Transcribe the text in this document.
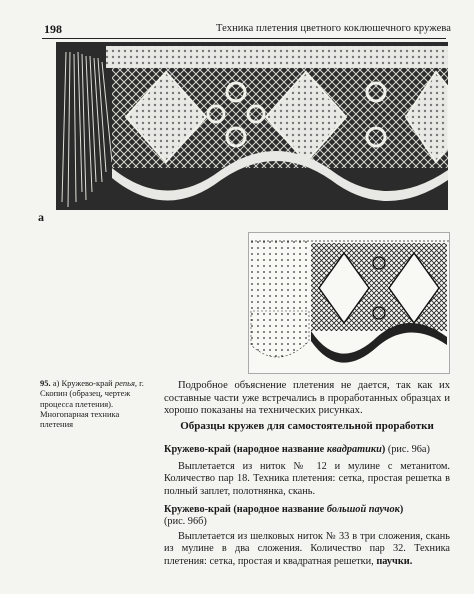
198	Техника плетения цветного коклюшечного кружева
а
95. а) Кружево-край репья, г. Скопин (образец, чертеж процесса плетения). Многопарная техника плетения
Подробное объяснение плетения не дается, так как их составные части уже встречались в проработанных образцах и хорошо показаны на технических рисунках.
Образцы кружев для самостоятельной проработки
Кружево-край (народное название квадратики) (рис. 96а)
Выплетается из ниток № 12 и мулине с метанитом. Количество пар 18. Техника плетения: сетка, простая решетка в полный заплет, полотнянка, скань.
Кружево-край (народное название большой паучок)
(рис. 96б)
Выплетается из шелковых ниток № 33 в три сложения, скань из мулине в два сложения. Количество пар 32. Техника плетения: сетка, простая и квадратная решетки, паучки.
